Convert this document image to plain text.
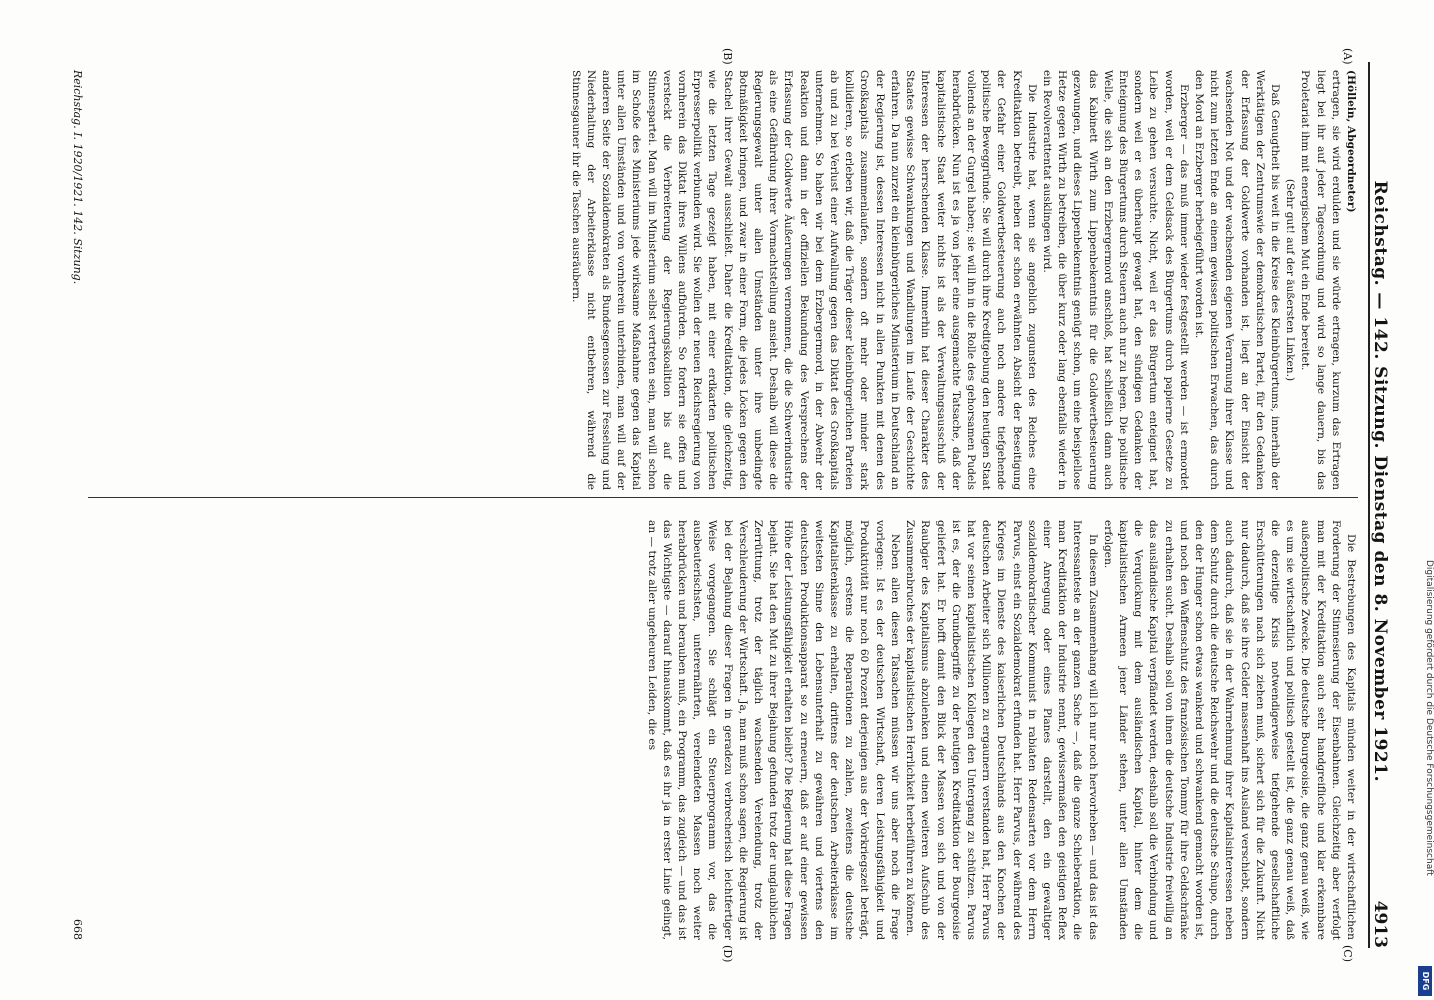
Reichstag. — 142. Sitzung. Dienstag den 8. November 1921.
4913
(A)
(B)
(C)
(D)

(Höllein, Abgeordneter)

ertragen, sie wird erdulden und sie würde ertragen, kurzum das Ertragen liegt bei ihr auf jeder Tagesordnung und wird so lange dauern, bis das Proletariat ihm mit energischem Mut ein Ende bereitet.

(Sehr gut! auf der äußersten Linken.)

Daß Genugtheit bis weit in die Kreise des Kleinbürgertums, innerhalb der Werktätigen der Zentrumswie der demokratischen Partei, für den Gedanken der Erfassung der Goldwerte vorhanden ist, liegt an der Einsicht der wachsenden Not und der wachsenden eigenen Verarmung ihrer Klasse und nicht zum letzten Ende an einem gewissen politischen Erwachen, das durch den Mord an Erzberger herbeigeführt worden ist.

Erzberger — das muß immer wieder festgestellt werden — ist ermordet worden, weil er dem Geldsack des Bürgertums durch papierne Gesetze zu Leibe zu gehen versuchte. Nicht, weil er das Bürgertum enteignet hat, sondern weil er es überhaupt gewagt hat, den sündigen Gedanken der Enteignung des Bürgertums durch Steuern auch nur zu hegen. Die politische Welle, die sich an den Erzbergermord anschloß, hat schließlich dann auch das Kabinett Wirth zum Lippenbekenntnis für die Goldwertbesteuerung gezwungen, und dieses Lippenbekenntnis genügt schon, um eine beispiellose Hetze gegen Wirth zu betreiben, die über kurz oder lang ebenfalls wieder in ein Revolverattentat ausklingen wird.

Die Industrie hat, wenn sie angeblich zugunsten des Reiches eine Kreditaktion betreibt, neben der schon erwähnten Absicht der Beseitigung der Gefahr einer Goldwertbesteuerung auch noch andere tiefgehende politische Beweggründe. Sie will durch ihre Kreditgebung den heutigen Staat vollends an der Gurgel haben; sie will ihn in die Rolle des gehorsamen Pudels herabdrücken. Nun ist es ja von jeher eine ausgemachte Tatsache, daß der kapitalistische Staat weiter nichts ist als der Verwaltungsausschuß der Interessen der herrschenden Klasse. Immerhin hat dieser Charakter des Staates gewisse Schwankungen und Wandlungen im Laufe der Geschichte erfahren. Da nun zurzeit ein kleinbürgerliches Ministerium in Deutschland an der Regierung ist, dessen Interessen nicht in allen Punkten mit denen des Großkapitals zusammenlaufen, sondern oft mehr oder minder stark kollidieren, so erleben wir, daß die Träger dieser kleinbürgerlichen Parteien ab und zu bei Verlust einer Aufwallung gegen das Diktat des Großkapitals unternehmen. So haben wir bei dem Erzbergermord, in der Abwehr der Reaktion und dann in der offiziellen Bekundung des Versprechens der Erfassung der Goldwerte Äußerungen vernommen, die die Schwerindustrie als eine Gefährdung ihrer Vormachtstellung ansieht. Deshalb will diese die Regierungsgewalt unter allen Umständen unter ihre unbedingte Botmäßigkeit bringen, und zwar in einer Form, die jedes Löcken gegen den Stachel ihrer Gewalt ausschließt. Daher die Kreditaktion, die gleichzeitig, wie die letzten Tage gezeigt haben, mit einer erdkarten politischen Erpresserpolitik verbunden wird. Sie wollen der neuen Reichsregierung von vornherein das Diktat ihres Willens aufbürden. So fordern sie offen und versteckt die Verbreiterung der Regierungskoalition bis auf die Stinnespartei. Man will im Ministerium selbst vertreten sein, man will schon im Schoße des Ministeriums jede wirksame Maßnahme gegen das Kapital unter allen Umständen und von vornherein unterbinden, man will auf der anderen Seite der Sozialdemokraten als Bundesgenossen zur Fesselung und Niederhaltung der Arbeiterklasse nicht entbehren, während die Stinnesgauner ihr die Taschen ausräubern.

Die Bestrebungen des Kapitals münden weiter in der wirtschaftlichen Forderung der Stinnesierung der Eisenbahnen. Gleichzeitig aber verfolgt man mit der Kreditaktion auch sehr handgreifliche und klar erkennbare außenpolitische Zwecke. Die deutsche Bourgeoisie, die ganz genau weiß, wie es um sie wirtschaftlich und politisch gestellt ist, die ganz genau weiß, daß die derzeitige Krisis notwendigerweise tiefgehende gesellschaftliche Erschütterungen nach sich ziehen muß, sichert sich für die Zukunft. Nicht nur dadurch, daß sie ihre Gelder massenhaft ins Ausland verschiebt, sondern auch dadurch, daß sie in der Wahrnehmung ihrer Kapitalsinteressen neben dem Schutz durch die deutsche Reichswehr und die deutsche Schupo, durch den der Hunger schon etwas wankend und schwankend gemacht worden ist, und noch den Waffenschutz des französischen Tommy für ihre Geldschränke zu erhalten sucht. Deshalb soll von ihnen die deutsche Industrie freiwillig an das ausländische Kapital verpfändet werden, deshalb soll die Verbindung und die Verquickung mit dem ausländischen Kapital, hinter dem die kapitalistischen Armeen jener Länder stehen, unter allen Umständen erfolgen.

In diesem Zusammenhang will ich nur noch hervorheben — und das ist das Interessanteste an der ganzen Sache —, daß die ganze Schieberaktion, die man Kreditaktion der Industrie nennt, gewissermaßen den geistigen Reflex einer Anregung oder eines Planes darstellt, den ein gewaltiger sozialdemokratischer Kommunist in rabiaten Redensarten vor dem Herrn Parvus, einst ein Sozialdemokrat erfunden hat. Herr Parvus, der während des Krieges im Dienste des kaiserlichen Deutschlands aus den Knochen der deutschen Arbeiter sich Millionen zu ergaunern verstanden hat, Herr Parvus hat vor seinen kapitalistischen Kollegen den Untergang zu schützen. Parvus ist es, der die Grundbegriffe zu der heutigen Kreditaktion der Bourgeoisie geliefert hat. Er hofft damit den Blick der Massen von sich und von der Raubgier des Kapitalismus abzulenken und einen weiteren Aufschub des Zusammenbruches der kapitalistischen Herrlichkeit herbeiführen zu können.

Neben allen diesen Tatsachen müssen wir uns aber noch die Frage vorlegen: Ist es der deutschen Wirtschaft, deren Leistungsfähigkeit und Produktivität nur noch 60 Prozent derjenigen aus der Vorkriegszeit beträgt, möglich, erstens die Reparationen zu zahlen, zweitens die deutsche Kapitalistenklasse zu erhalten, drittens der deutschen Arbeiterklasse im weitesten Sinne den Lebensunterhalt zu gewähren und viertens den deutschen Produktionsapparat so zu erneuern, daß er auf einer gewissen Höhe der Leistungsfähigkeit erhalten bleibt? Die Regierung hat diese Fragen bejaht. Sie hat den Mut zu ihrer Bejahung gefunden trotz der unglaublichen Zerrüttung, trotz der täglich wachsenden Verelendung, trotz der Verschleuderung der Wirtschaft. Ja, man muß schon sagen, die Regierung ist bei der Bejahung dieser Fragen in geradezu verbrecherisch leichtfertiger Weise vorgegangen. Sie schlägt ein Steuerprogramm vor, das die ausbeuterischsten, unterernährten, verelendeten Massen noch weiter herabdrücken und berauben muß, ein Programm, das zugleich — und das ist das Wichtigste — darauf hinauskommt, daß es ihr ja in erster Linie gelingt, an — trotz aller ungeheuren Leiden, die es

Reichstag. I. 1920/1921. 142. Sitzung.
668
Digitalisierung gefördert durch die Deutsche Forschungsgemeinschaft
DFG
